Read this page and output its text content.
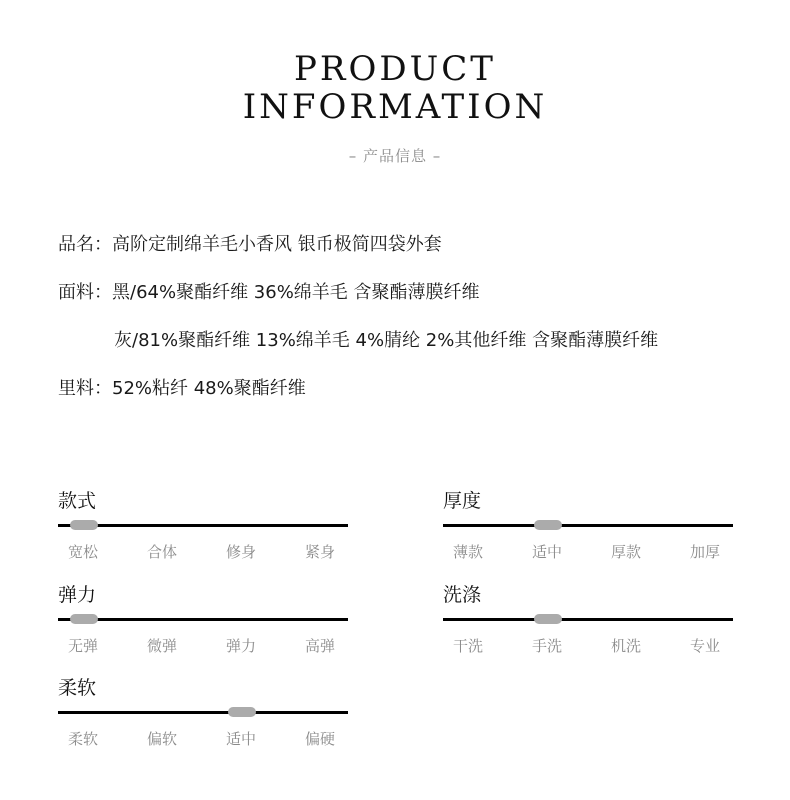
PRODUCT
INFORMATION
– 产品信息 –
品名：高阶定制绵羊毛小香风 银币极简四袋外套
面料：黑/64%聚酯纤维 36%绵羊毛 含聚酯薄膜纤维
灰/81%聚酯纤维 13%绵羊毛 4%腈纶 2%其他纤维 含聚酯薄膜纤维
里料：52%粘纤 48%聚酯纤维
款式
宽松	合体	修身	紧身
厚度
薄款	适中	厚款	加厚
弹力
无弹	微弹	弹力	高弹
洗涤
干洗	手洗	机洗	专业
柔软
柔软	偏软	适中	偏硬
